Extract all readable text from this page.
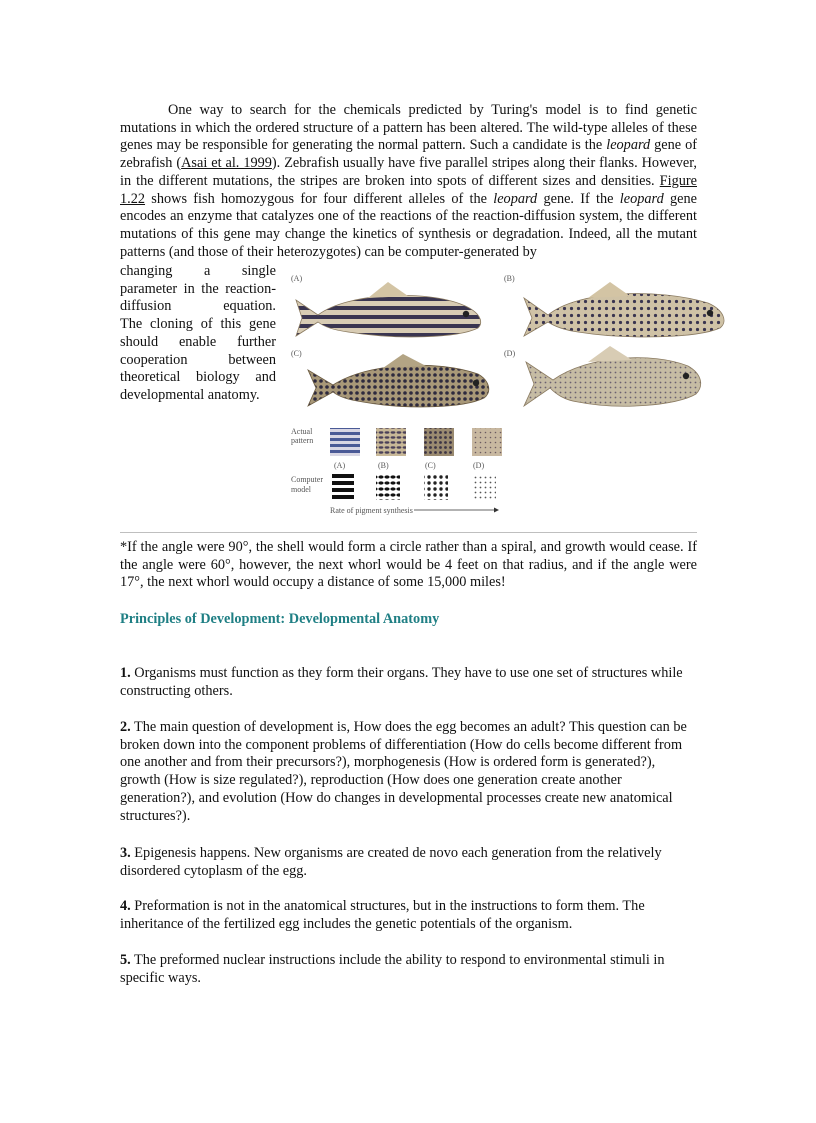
One way to search for the chemicals predicted by Turing's model is to find genetic mutations in which the ordered structure of a pattern has been altered. The wild-type alleles of these genes may be responsible for generating the normal pattern. Such a candidate is the leopard gene of zebrafish (Asai et al. 1999). Zebrafish usually have five parallel stripes along their flanks. However, in the different mutations, the stripes are broken into spots of different sizes and densities. Figure 1.22 shows fish homozygous for four different alleles of the leopard gene. If the leopard gene encodes an enzyme that catalyzes one of the reactions of the reaction-diffusion system, the different mutations of this gene may change the kinetics of synthesis or degradation. Indeed, all the mutant patterns (and those of their heterozygotes) can be computer-generated by

changing a single parameter in the reaction-diffusion equation.

The cloning of this gene should enable further cooperation between theoretical biology and developmental anatomy.

(A)	(B)
(C)	(D)
Actual
pattern
(A)	(B)	(C)	(D)
Computer
model
Rate of pigment synthesis

*If the angle were 90°, the shell would form a circle rather than a spiral, and growth would cease. If the angle were 60°, however, the next whorl would be 4 feet on that radius, and if the angle were 17°, the next whorl would occupy a distance of some 15,000 miles!

Principles of Development: Developmental Anatomy

1. Organisms must function as they form their organs. They have to use one set of structures while constructing others.

2. The main question of development is, How does the egg becomes an adult? This question can be broken down into the component problems of differentiation (How do cells become different from one another and from their precursors?), morphogenesis (How is ordered form is generated?), growth (How is size regulated?), reproduction (How does one generation create another generation?), and evolution (How do changes in developmental processes create new anatomical structures?).

3. Epigenesis happens. New organisms are created de novo each generation from the relatively disordered cytoplasm of the egg.

4. Preformation is not in the anatomical structures, but in the instructions to form them. The inheritance of the fertilized egg includes the genetic potentials of the organism.

5. The preformed nuclear instructions include the ability to respond to environmental stimuli in specific ways.
